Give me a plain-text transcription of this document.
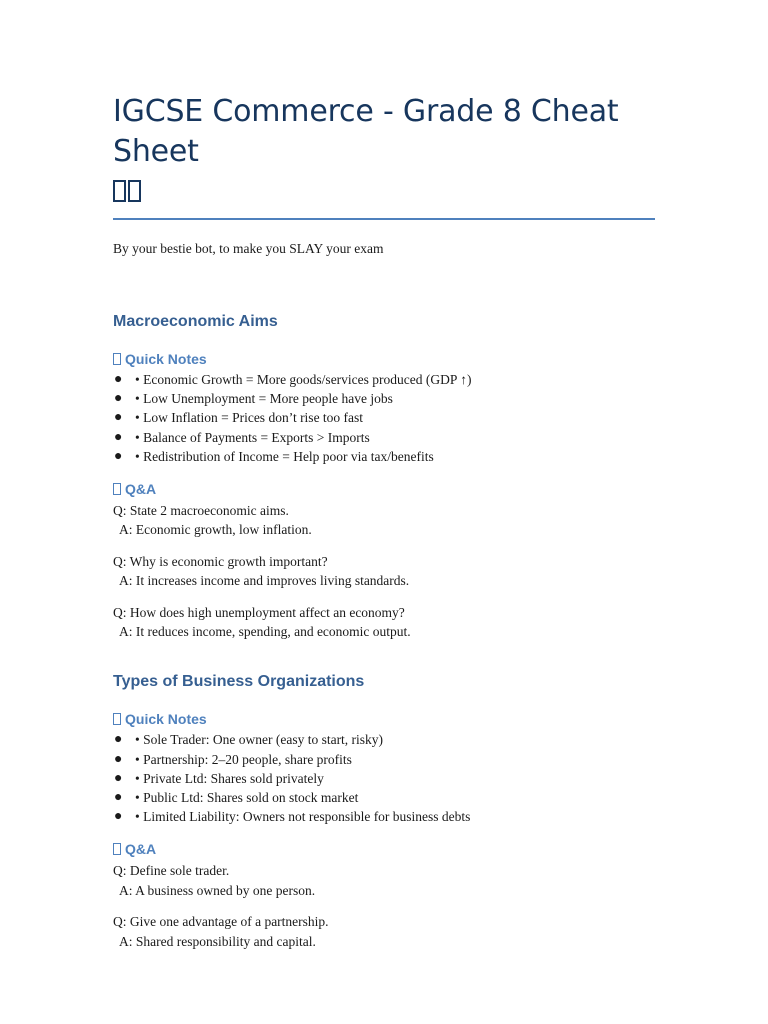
IGCSE Commerce - Grade 8 Cheat Sheet
By your bestie bot, to make you SLAY your exam
Macroeconomic Aims
Quick Notes
● • Economic Growth = More goods/services produced (GDP ↑)
● • Low Unemployment = More people have jobs
● • Low Inflation = Prices don’t rise too fast
● • Balance of Payments = Exports > Imports
● • Redistribution of Income = Help poor via tax/benefits
Q&A
Q: State 2 macroeconomic aims.
A: Economic growth, low inflation.
Q: Why is economic growth important?
A: It increases income and improves living standards.
Q: How does high unemployment affect an economy?
A: It reduces income, spending, and economic output.
Types of Business Organizations
Quick Notes
● • Sole Trader: One owner (easy to start, risky)
● • Partnership: 2–20 people, share profits
● • Private Ltd: Shares sold privately
● • Public Ltd: Shares sold on stock market
● • Limited Liability: Owners not responsible for business debts
Q&A
Q: Define sole trader.
A: A business owned by one person.
Q: Give one advantage of a partnership.
A: Shared responsibility and capital.
